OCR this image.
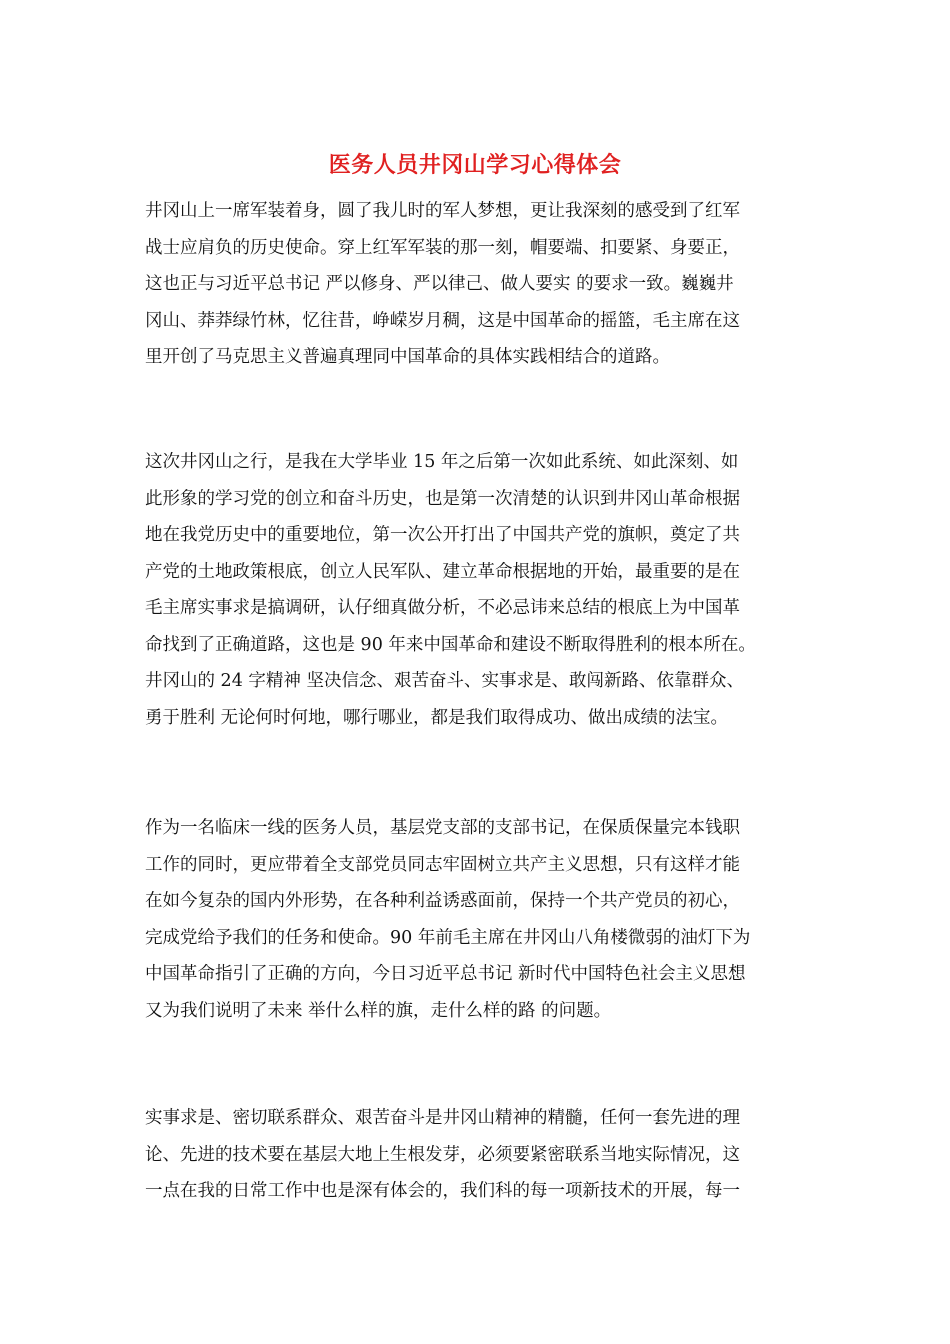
医务人员井冈山学习心得体会
井冈山上一席军装着身，圆了我儿时的军人梦想，更让我深刻的感受到了红军
战士应肩负的历史使命。穿上红军军装的那一刻，帽要端、扣要紧、身要正，
这也正与习近平总书记 严以修身、严以律己、做人要实 的要求一致。巍巍井
冈山、莽莽绿竹林，忆往昔，峥嵘岁月稠，这是中国革命的摇篮，毛主席在这
里开创了马克思主义普遍真理同中国革命的具体实践相结合的道路。
这次井冈山之行，是我在大学毕业 15 年之后第一次如此系统、如此深刻、如
此形象的学习党的创立和奋斗历史，也是第一次清楚的认识到井冈山革命根据
地在我党历史中的重要地位，第一次公开打出了中国共产党的旗帜，奠定了共
产党的土地政策根底，创立人民军队、建立革命根据地的开始，最重要的是在
毛主席实事求是搞调研，认仔细真做分析，不必忌讳来总结的根底上为中国革
命找到了正确道路，这也是 90 年来中国革命和建设不断取得胜利的根本所在。
井冈山的 24 字精神 坚决信念、艰苦奋斗、实事求是、敢闯新路、依靠群众、
勇于胜利 无论何时何地，哪行哪业，都是我们取得成功、做出成绩的法宝。
作为一名临床一线的医务人员，基层党支部的支部书记，在保质保量完本钱职
工作的同时，更应带着全支部党员同志牢固树立共产主义思想，只有这样才能
在如今复杂的国内外形势，在各种利益诱惑面前，保持一个共产党员的初心，
完成党给予我们的任务和使命。90 年前毛主席在井冈山八角楼微弱的油灯下为
中国革命指引了正确的方向，今日习近平总书记 新时代中国特色社会主义思想
又为我们说明了未来 举什么样的旗，走什么样的路 的问题。
实事求是、密切联系群众、艰苦奋斗是井冈山精神的精髓，任何一套先进的理
论、先进的技术要在基层大地上生根发芽，必须要紧密联系当地实际情况，这
一点在我的日常工作中也是深有体会的，我们科的每一项新技术的开展，每一
